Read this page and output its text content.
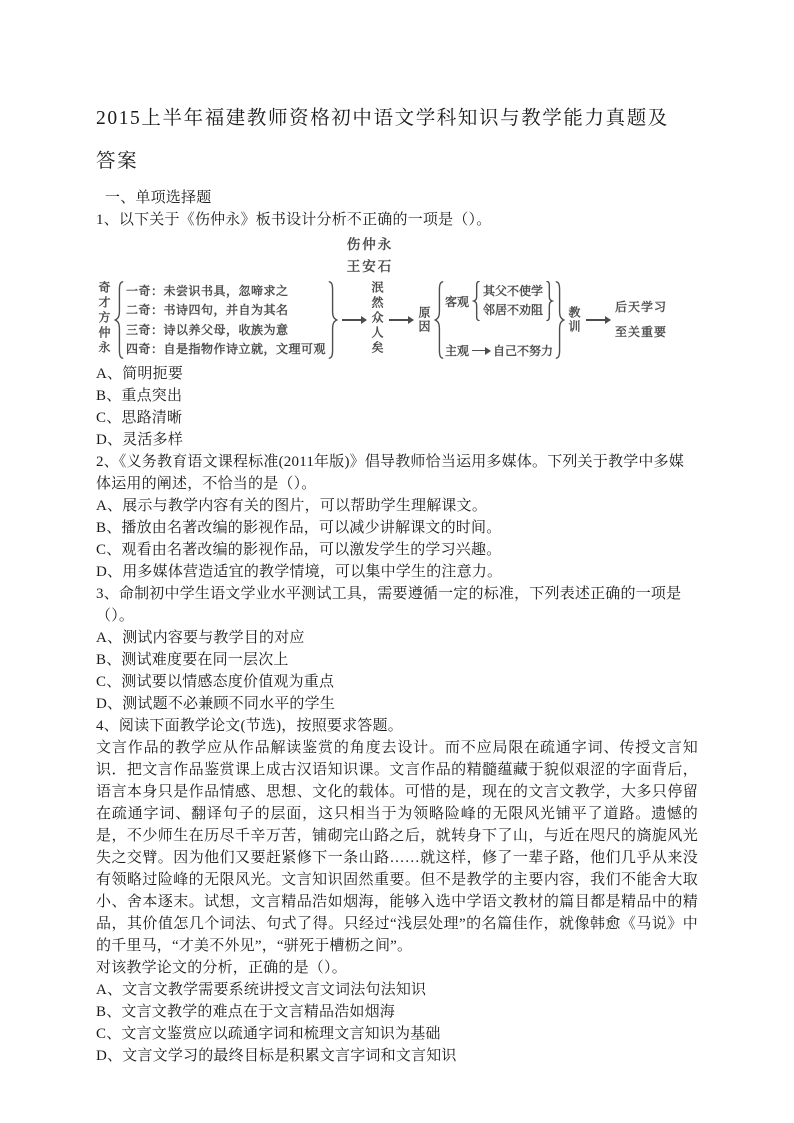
2015上半年福建教师资格初中语文学科知识与教学能力真题及答案
一、单项选择题
1、以下关于《伤仲永》板书设计分析不正确的一项是（）。
伤仲永
王安石
奇才方仲永 一奇：未尝识书具，忽啼求之
二奇：书诗四句，并自为其名
三奇：诗以养父母，收族为意
四奇：自是指物作诗立就，文理可观	泯然众人矣	原因
客观
其父不使学
邻居不劝阻
主观 自己不努力
教训	后天学习
至关重要
A、简明扼要
B、重点突出
C、思路清晰
D、灵活多样
2、《义务教育语文课程标准(2011年版)》倡导教师恰当运用多媒体。下列关于教学中多媒体运用的阐述，不恰当的是（）。
A、展示与教学内容有关的图片，可以帮助学生理解课文。
B、播放由名著改编的影视作品，可以减少讲解课文的时间。
C、观看由名著改编的影视作品，可以激发学生的学习兴趣。
D、用多媒体营造适宜的教学情境，可以集中学生的注意力。
3、命制初中学生语文学业水平测试工具，需要遵循一定的标准，下列表述正确的一项是（）。
A、测试内容要与教学目的对应
B、测试难度要在同一层次上
C、测试要以情感态度价值观为重点
D、测试题不必兼顾不同水平的学生
4、阅读下面教学论文(节选)，按照要求答题。
文言作品的教学应从作品解读鉴赏的角度去设计。而不应局限在疏通字词、传授文言知识．把文言作品鉴赏课上成古汉语知识课。文言作品的精髓蕴藏于貌似艰涩的字面背后，语言本身只是作品情感、思想、文化的载体。可惜的是，现在的文言文教学，大多只停留在疏通字词、翻译句子的层面，这只相当于为领略险峰的无限风光铺平了道路。遗憾的是，不少师生在历尽千辛万苦，铺砌完山路之后，就转身下了山，与近在咫尺的旖旎风光失之交臂。因为他们又要赶紧修下一条山路……就这样，修了一辈子路，他们几乎从来没有领略过险峰的无限风光。文言知识固然重要。但不是教学的主要内容，我们不能舍大取小、舍本逐末。试想，文言精品浩如烟海，能够入选中学语文教材的篇目都是精品中的精品，其价值怎几个词法、句式了得。只经过“浅层处理”的名篇佳作，就像韩愈《马说》中的千里马，“才美不外见”，“骈死于槽枥之间”。
对该教学论文的分析，正确的是（）。
A、文言文教学需要系统讲授文言文词法句法知识
B、文言文教学的难点在于文言精品浩如烟海
C、文言文鉴赏应以疏通字词和梳理文言知识为基础
D、文言文学习的最终目标是积累文言字词和文言知识
